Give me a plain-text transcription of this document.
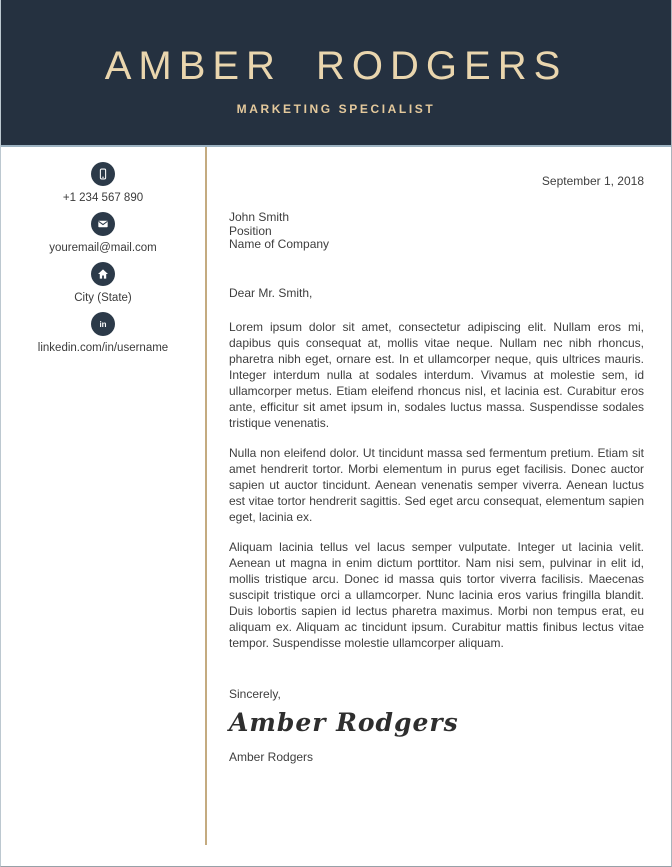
AMBER RODGERS
MARKETING SPECIALIST
+1 234 567 890
youremail@mail.com
City (State)
in
linkedin.com/in/username
September 1, 2018
John Smith
Position
Name of Company
Dear Mr. Smith,

Lorem ipsum dolor sit amet, consectetur adipiscing elit. Nullam eros mi, dapibus quis consequat at, mollis vitae neque. Nullam nec nibh rhoncus, pharetra nibh eget, ornare est. In et ullamcorper neque, quis ultrices mauris. Integer interdum nulla at sodales interdum. Vivamus at molestie sem, id ullamcorper metus. Etiam eleifend rhoncus nisl, et lacinia est. Curabitur eros ante, efficitur sit amet ipsum in, sodales luctus massa. Suspendisse sodales tristique venenatis.

Nulla non eleifend dolor. Ut tincidunt massa sed fermentum pretium. Etiam sit amet hendrerit tortor. Morbi elementum in purus eget facilisis. Donec auctor sapien ut auctor tincidunt. Aenean venenatis semper viverra. Aenean luctus est vitae tortor hendrerit sagittis. Sed eget arcu consequat, elementum sapien eget, lacinia ex.

Aliquam lacinia tellus vel lacus semper vulputate. Integer ut lacinia velit. Aenean ut magna in enim dictum porttitor. Nam nisi sem, pulvinar in elit id, mollis tristique arcu. Donec id massa quis tortor viverra facilisis. Maecenas suscipit tristique orci a ullamcorper. Nunc lacinia eros varius fringilla blandit. Duis lobortis sapien id lectus pharetra maximus. Morbi non tempus erat, eu aliquam ex. Aliquam ac tincidunt ipsum. Curabitur mattis finibus lectus vitae tempor. Suspendisse molestie ullamcorper aliquam.

Sincerely,
Amber Rodgers
Amber Rodgers
